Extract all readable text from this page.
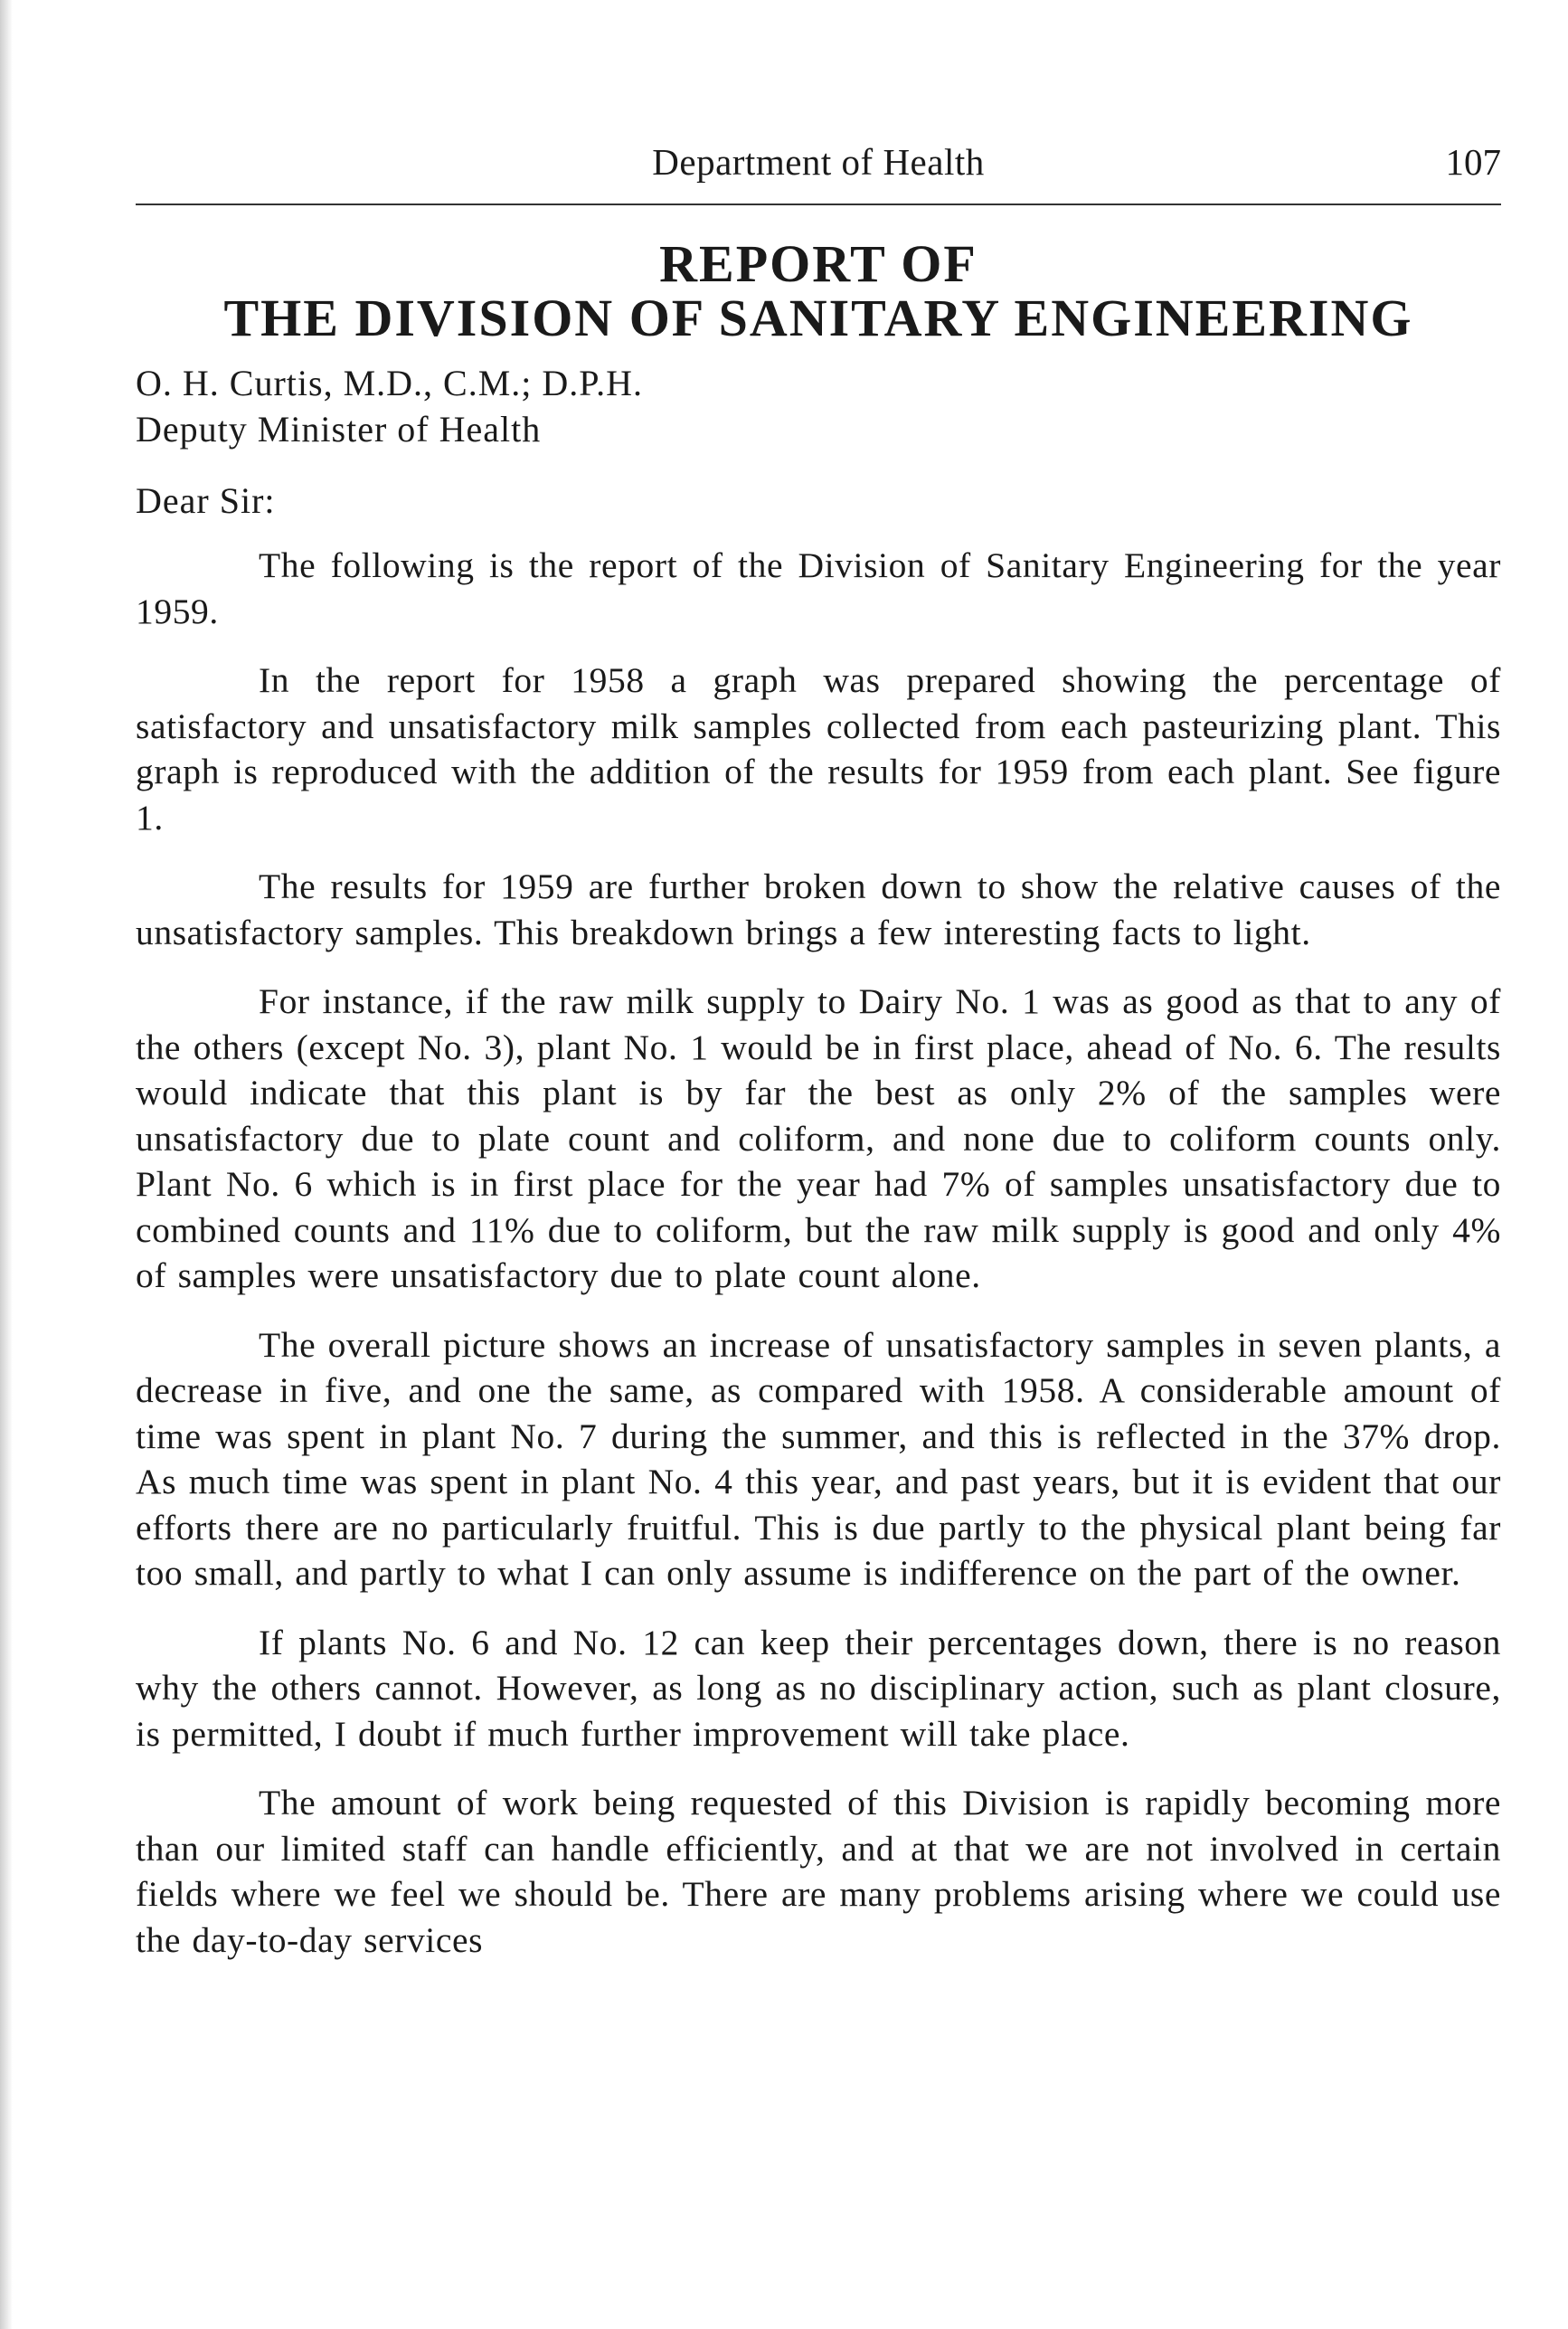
Department of Health	107
REPORT OF
THE DIVISION OF SANITARY ENGINEERING
O. H. Curtis, M.D., C.M.; D.P.H.
Deputy Minister of Health
Dear Sir:

The following is the report of the Division of Sanitary Engineering for the year 1959.

In the report for 1958 a graph was prepared showing the percentage of satisfactory and unsatisfactory milk samples collected from each pasteurizing plant. This graph is reproduced with the addition of the results for 1959 from each plant. See figure 1.

The results for 1959 are further broken down to show the relative causes of the unsatisfactory samples. This breakdown brings a few interesting facts to light.

For instance, if the raw milk supply to Dairy No. 1 was as good as that to any of the others (except No. 3), plant No. 1 would be in first place, ahead of No. 6. The results would indicate that this plant is by far the best as only 2% of the samples were unsatisfactory due to plate count and coliform, and none due to coliform counts only. Plant No. 6 which is in first place for the year had 7% of samples unsatisfactory due to combined counts and 11% due to coliform, but the raw milk supply is good and only 4% of samples were unsatisfactory due to plate count alone.

The overall picture shows an increase of unsatisfactory samples in seven plants, a decrease in five, and one the same, as compared with 1958. A considerable amount of time was spent in plant No. 7 during the summer, and this is reflected in the 37% drop. As much time was spent in plant No. 4 this year, and past years, but it is evident that our efforts there are no particularly fruitful. This is due partly to the physical plant being far too small, and partly to what I can only assume is indifference on the part of the owner.

If plants No. 6 and No. 12 can keep their percentages down, there is no reason why the others cannot. However, as long as no disciplinary action, such as plant closure, is permitted, I doubt if much further improvement will take place.

The amount of work being requested of this Division is rapidly becoming more than our limited staff can handle efficiently, and at that we are not involved in certain fields where we feel we should be. There are many problems arising where we could use the day-to-day services
